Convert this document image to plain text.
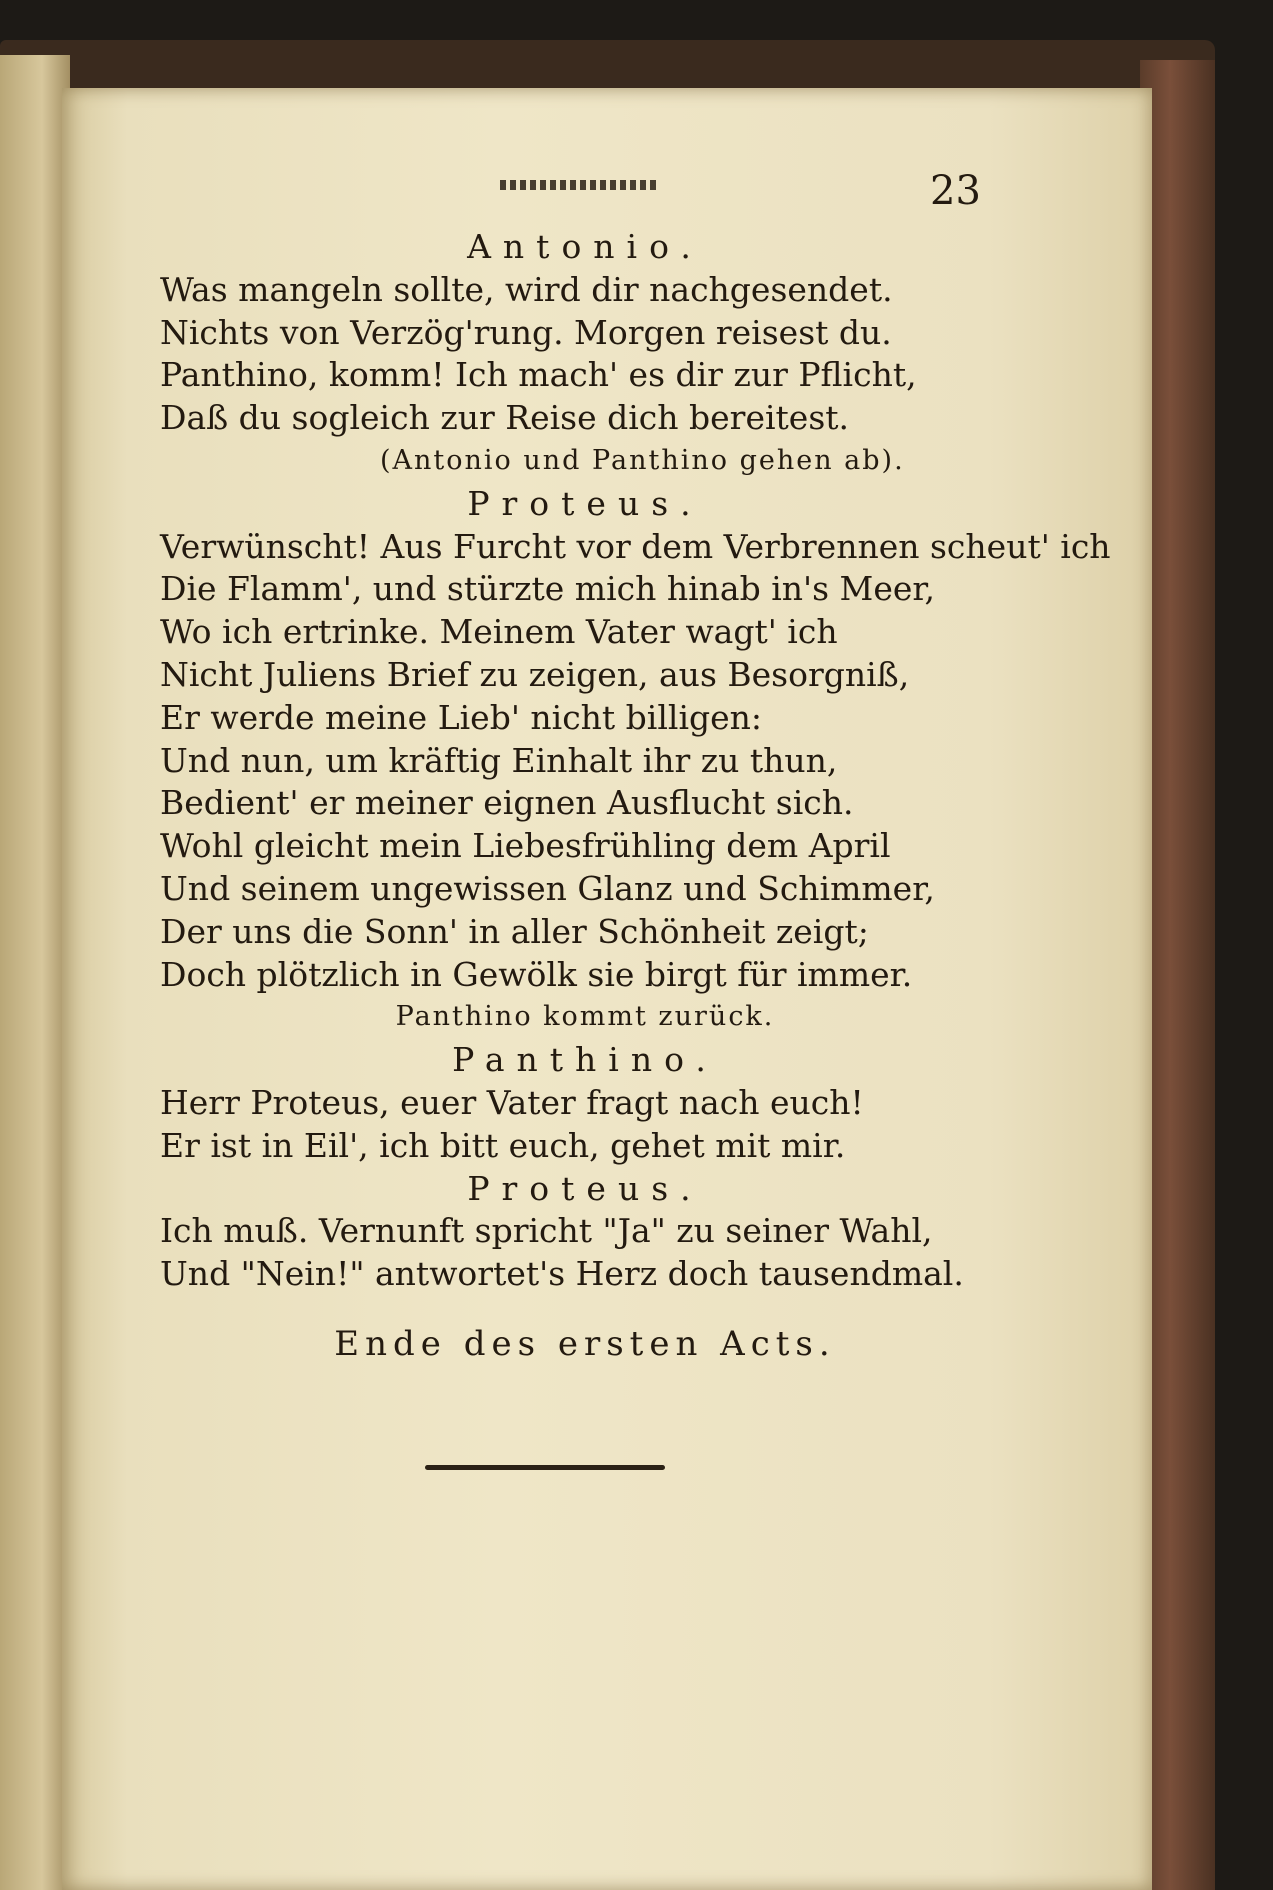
23
Antonio.
Was mangeln sollte, wird dir nachgesendet.
Nichts von Verzög'rung. Morgen reisest du.
Panthino, komm! Ich mach' es dir zur Pflicht,
Daß du sogleich zur Reise dich bereitest.
(Antonio und Panthino gehen ab).
Proteus.
Verwünscht! Aus Furcht vor dem Verbrennen scheut' ich
Die Flamm', und stürzte mich hinab in's Meer,
Wo ich ertrinke. Meinem Vater wagt' ich
Nicht Juliens Brief zu zeigen, aus Besorgniß,
Er werde meine Lieb' nicht billigen:
Und nun, um kräftig Einhalt ihr zu thun,
Bedient' er meiner eignen Ausflucht sich.
Wohl gleicht mein Liebesfrühling dem April
Und seinem ungewissen Glanz und Schimmer,
Der uns die Sonn' in aller Schönheit zeigt;
Doch plötzlich in Gewölk sie birgt für immer.
Panthino kommt zurück.
Panthino.
Herr Proteus, euer Vater fragt nach euch!
Er ist in Eil', ich bitt euch, gehet mit mir.
Proteus.
Ich muß. Vernunft spricht "Ja" zu seiner Wahl,
Und "Nein!" antwortet's Herz doch tausendmal.
Ende des ersten Acts.
